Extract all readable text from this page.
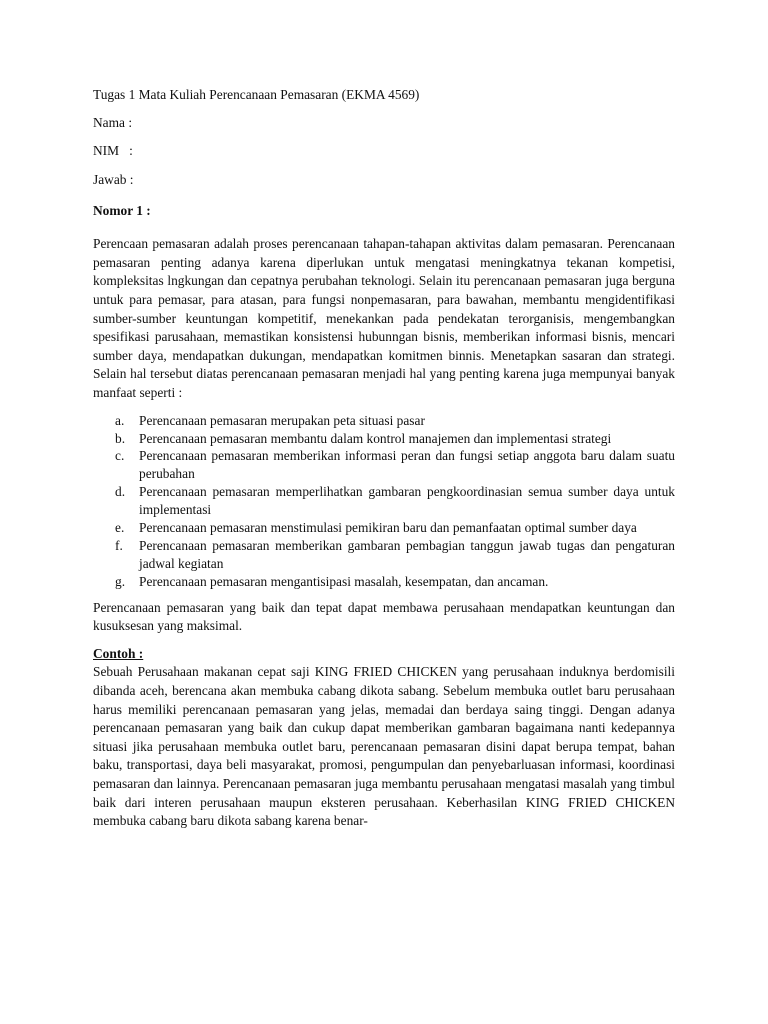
Tugas 1 Mata Kuliah Perencanaan Pemasaran (EKMA 4569)

Nama :

NIM   :

Jawab :

Nomor 1 :

Perencaan pemasaran adalah proses perencanaan tahapan-tahapan aktivitas dalam pemasaran. Perencanaan pemasaran penting adanya karena diperlukan untuk mengatasi meningkatnya tekanan kompetisi, kompleksitas lngkungan dan cepatnya perubahan teknologi. Selain itu perencanaan pemasaran juga berguna untuk para pemasar, para atasan, para fungsi nonpemasaran, para bawahan, membantu mengidentifikasi sumber-sumber keuntungan kompetitif, menekankan pada pendekatan terorganisis, mengembangkan spesifikasi parusahaan, memastikan konsistensi hubunngan bisnis, memberikan informasi bisnis, mencari sumber daya, mendapatkan dukungan, mendapatkan komitmen binnis. Menetapkan sasaran dan strategi. Selain hal tersebut diatas perencanaan pemasaran menjadi hal yang penting karena juga mempunyai banyak manfaat seperti :

a. Perencanaan pemasaran merupakan peta situasi pasar
b. Perencanaan pemasaran membantu dalam kontrol manajemen dan implementasi strategi
c. Perencanaan pemasaran memberikan informasi peran dan fungsi setiap anggota baru dalam suatu perubahan
d. Perencanaan pemasaran memperlihatkan gambaran pengkoordinasian semua sumber daya untuk implementasi
e. Perencanaan pemasaran menstimulasi pemikiran baru dan pemanfaatan optimal sumber daya
f. Perencanaan pemasaran memberikan gambaran pembagian tanggun jawab tugas dan pengaturan jadwal kegiatan
g. Perencanaan pemasaran mengantisipasi masalah, kesempatan, dan ancaman.

Perencanaan pemasaran yang baik dan tepat dapat membawa perusahaan mendapatkan keuntungan dan kusuksesan yang maksimal.

Contoh :

Sebuah Perusahaan makanan cepat saji KING FRIED CHICKEN yang perusahaan induknya berdomisili dibanda aceh, berencana akan membuka cabang dikota sabang. Sebelum membuka outlet baru perusahaan harus memiliki perencanaan pemasaran yang jelas, memadai dan berdaya saing tinggi. Dengan adanya perencanaan pemasaran yang baik dan cukup dapat memberikan gambaran bagaimana nanti kedepannya situasi jika perusahaan membuka outlet baru, perencanaan pemasaran disini dapat berupa tempat, bahan baku, transportasi, daya beli masyarakat, promosi, pengumpulan dan penyebarluasan informasi, koordinasi pemasaran dan lainnya. Perencanaan pemasaran juga membantu perusahaan mengatasi masalah yang timbul baik dari interen perusahaan maupun eksteren perusahaan. Keberhasilan KING FRIED CHICKEN membuka cabang baru dikota sabang karena benar-
